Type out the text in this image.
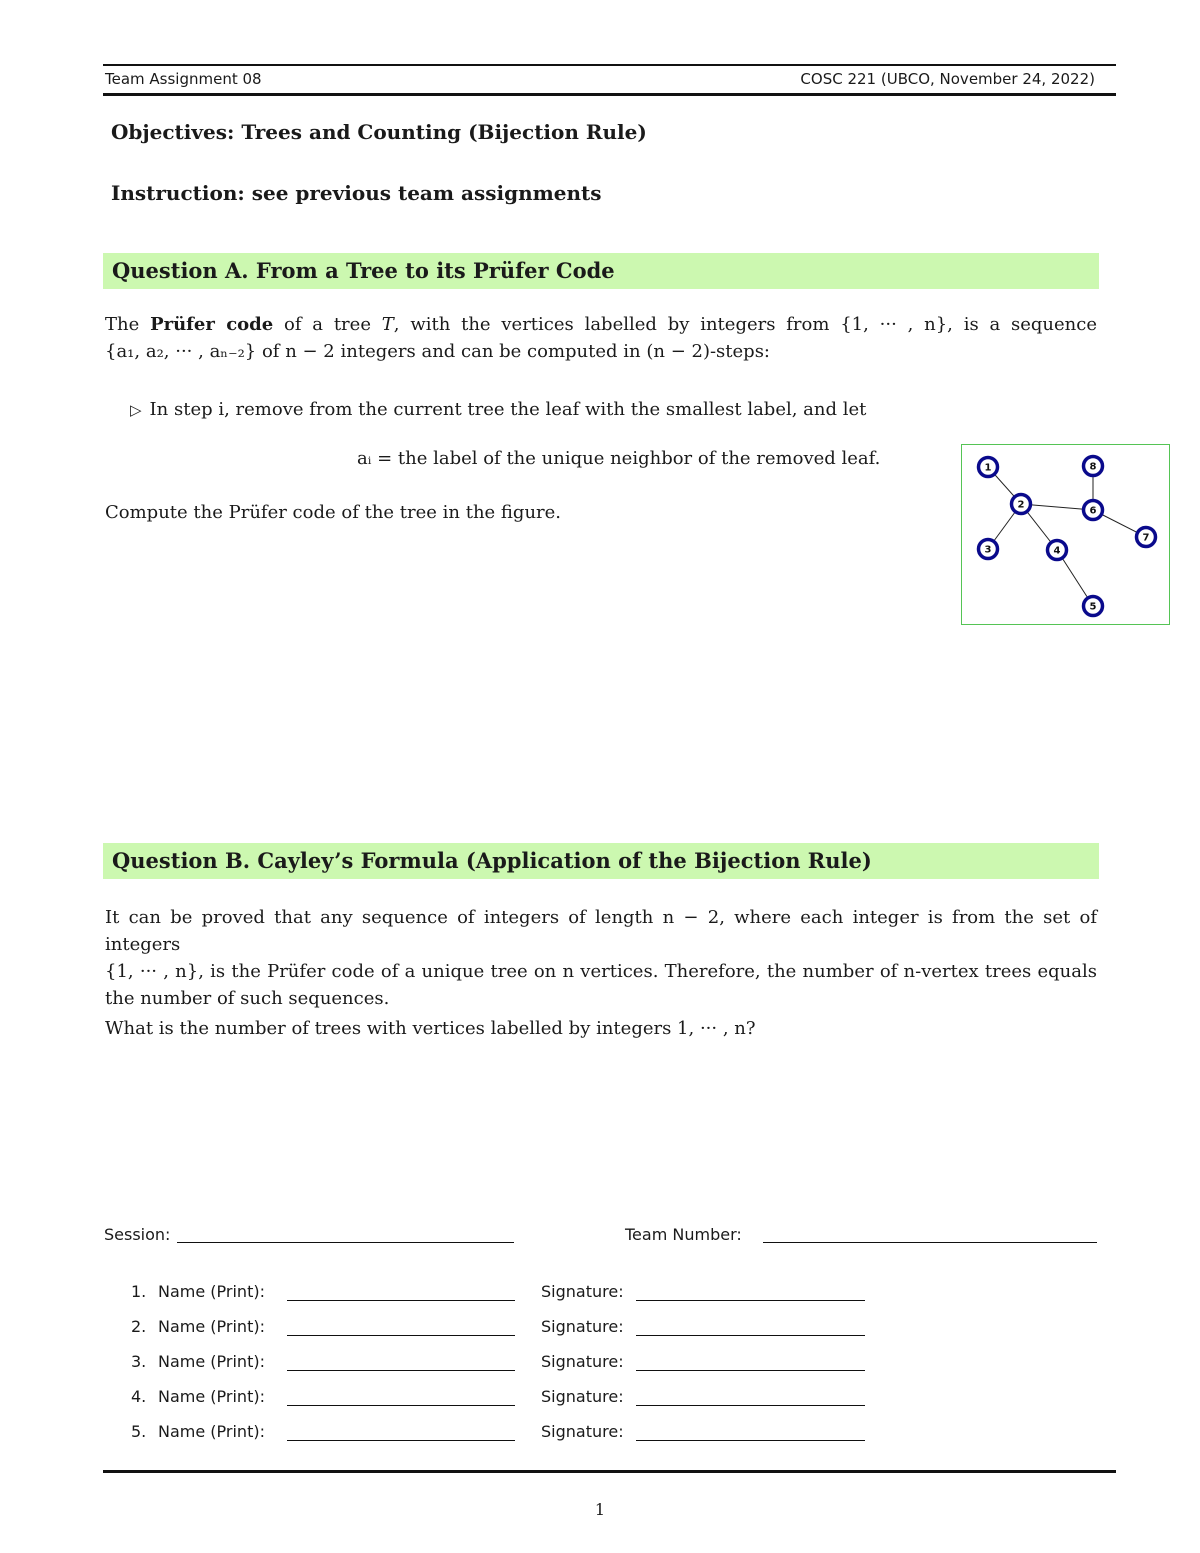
Team Assignment 08	COSC 221 (UBCO, November 24, 2022)
Objectives: Trees and Counting (Bijection Rule)
Instruction: see previous team assignments
Question A. From a Tree to its Prüfer Code
The Prüfer code of a tree T, with the vertices labelled by integers from {1, ··· , n}, is a sequence
{a₁, a₂, ··· , aₙ₋₂} of n − 2 integers and can be computed in (n − 2)-steps:
▷ In step i, remove from the current tree the leaf with the smallest label, and let
aᵢ = the label of the unique neighbor of the removed leaf.
Compute the Prüfer code of the tree in the figure.
1
2
3	4
5
6
7
8
Question B. Cayley’s Formula (Application of the Bijection Rule)
It can be proved that any sequence of integers of length n − 2, where each integer is from the set of integers
{1, ··· , n}, is the Prüfer code of a unique tree on n vertices. Therefore, the number of n-vertex trees equals
the number of such sequences.
What is the number of trees with vertices labelled by integers 1, ··· , n?
Session:	Team Number:
1. Name (Print):	Signature:
2. Name (Print):	Signature:
3. Name (Print):	Signature:
4. Name (Print):	Signature:
5. Name (Print):	Signature:
1
